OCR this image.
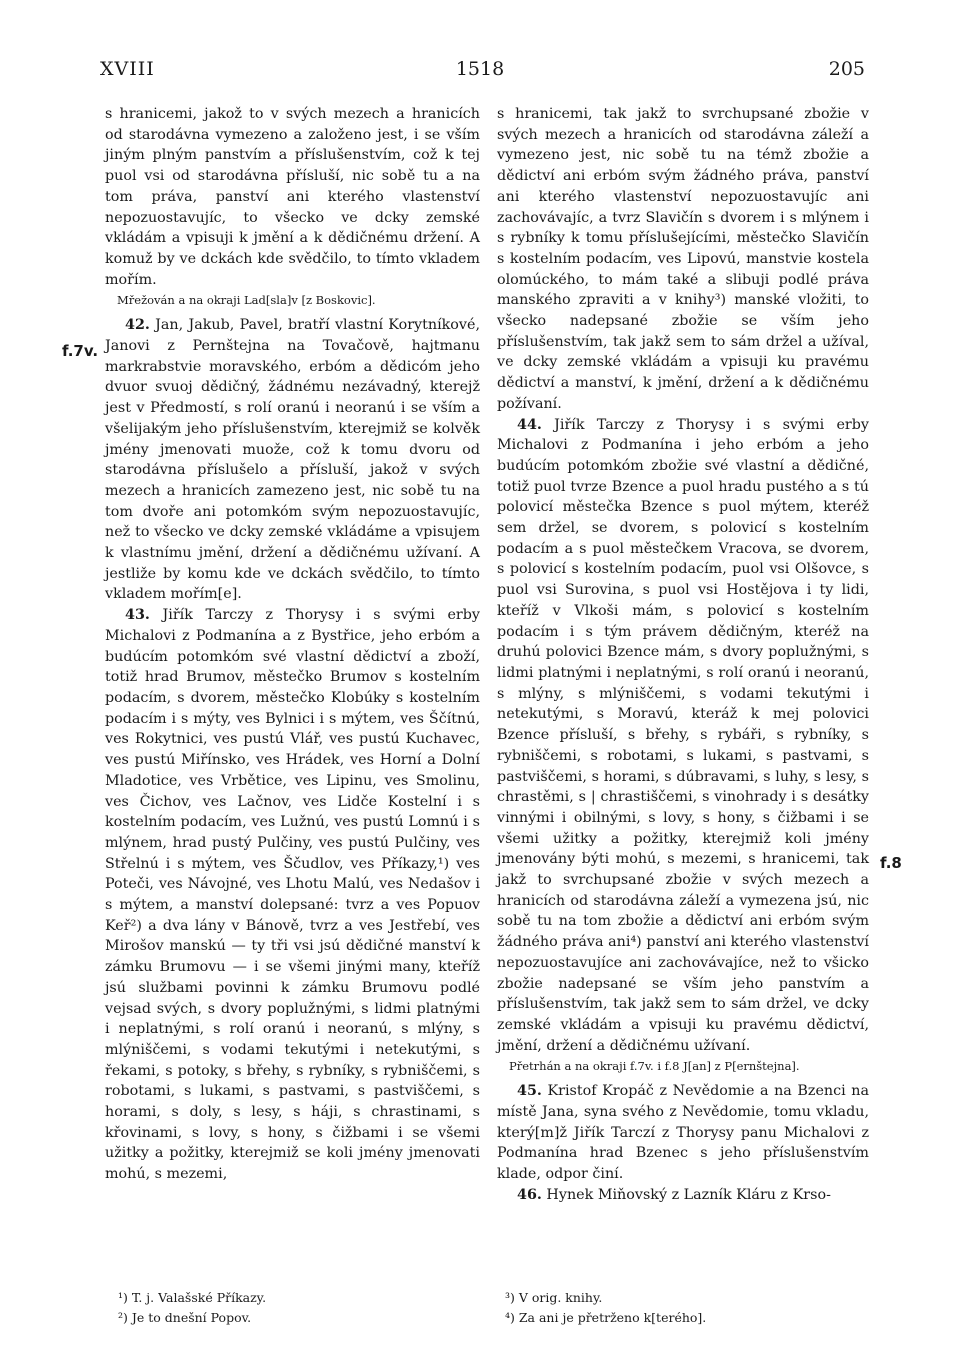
XVIII	1518	205
f.7v.
f.8

s hranicemi, jakož to v svých mezech a hranicích od starodávna vymezeno a založeno jest, i se vším jiným plným panstvím a příslušenstvím, což k tej puol vsi od starodávna přísluší, nic sobě tu a na tom práva, panství ani kterého vlastenství nepozuostavujíc, to všecko ve dcky zemské vkládám a vpisuji k jmění a k dědičnému držení. A komuž by ve dckách kde svědčilo, to tímto vkladem mořím.

Mřežován a na okraji Lad[sla]v [z Boskovic].

42. Jan, Jakub, Pavel, bratří vlastní Korytníkové, Janovi z Pernštejna na Tovačově, hajtmanu markrabstvie moravského, erbóm a dědicóm jeho dvuor svuoj dědičný, žádnému nezávadný, kterejž jest v Předmostí, s rolí oranú i neoranú i se vším a všelijakým jeho příslušenstvím, kterejmiž se kolvěk jmény jmenovati muože, což k tomu dvoru od starodávna příslušelo a přísluší, jakož v svých mezech a hranicích zamezeno jest, nic sobě tu na tom dvoře ani potomkóm svým nepozuostavujíc, než to všecko ve dcky zemské vkládáme a vpisujem k vlastnímu jmění, držení a dědičnému užívaní. A jestliže by komu kde ve dckách svědčilo, to tímto vkladem mořím[e].

43. Jiřík Tarczy z Thorysy i s svými erby Michalovi z Podmanína a z Bystřice, jeho erbóm a budúcím potomkóm své vlastní dědictví a zboží, totiž hrad Brumov, městečko Brumov s kostelním podacím, s dvorem, městečko Klobúky s kostelním podacím i s mýty, ves Bylnici i s mýtem, ves Ščítnú, ves Rokytnici, ves pustú Vlář, ves pustú Kuchavec, ves pustú Miřínsko, ves Hrádek, ves Horní a Dolní Mladotice, ves Vrbětice, ves Lipinu, ves Smolinu, ves Čichov, ves Lačnov, ves Lidče Kostelní i s kostelním podacím, ves Lužnú, ves pustú Lomnú i s mlýnem, hrad pustý Pulčiny, ves pustú Pulčiny, ves Střelnú i s mýtem, ves Ščudlov, ves Příkazy,¹) ves Poteči, ves Návojné, ves Lhotu Malú, ves Nedašov i s mýtem, a manství dolepsané: tvrz a ves Popuov Keř²) a dva lány v Bánově, tvrz a ves Jestřebí, ves Mirošov manskú — ty tři vsi jsú dědičné manství k zámku Brumovu — i se všemi jinými many, kteříž jsú službami povinni k zámku Brumovu podlé vejsad svých, s dvory poplužnými, s lidmi platnými i neplatnými, s rolí oranú i neoranú, s mlýny, s mlýniščemi, s vodami tekutými i netekutými, s řekami, s potoky, s břehy, s rybníky, s rybniščemi, s robotami, s lukami, s pastvami, s pastviščemi, s horami, s doly, s lesy, s háji, s chrastinami, s křovinami, s lovy, s hony, s čižbami i se všemi užitky a požitky, kterejmiž se koli jmény jmenovati mohú, s mezemi,

s hranicemi, tak jakž to svrchupsané zbožie v svých mezech a hranicích od starodávna záleží a vymezeno jest, nic sobě tu na témž zbožie a dědictví ani erbóm svým žádného práva, panství ani kterého vlastenství nepozuostavujíc ani zachovávajíc, a tvrz Slavičín s dvorem i s mlýnem i s rybníky k tomu příslušejícími, městečko Slavičín s kostelním podacím, ves Lipovú, manstvie kostela olomúckého, to mám také a slibuji podlé práva manského zpraviti a v knihy³) manské vložiti, to všecko nadepsané zbožie se vším jeho příslušenstvím, tak jakž sem to sám držel a užíval, ve dcky zemské vkládám a vpisuji ku pravému dědictví a manství, k jmění, držení a k dědičnému požívaní.

44. Jiřík Tarczy z Thorysy i s svými erby Michalovi z Podmanína i jeho erbóm a jeho budúcím potomkóm zbožie své vlastní a dědičné, totiž puol tvrze Bzence a puol hradu pustého a s tú polovicí městečka Bzence s puol mýtem, kteréž sem držel, se dvorem, s polovicí s kostelním podacím a s puol městečkem Vracova, se dvorem, s polovicí s kostelním podacím, puol vsi Olšovce, s puol vsi Surovina, s puol vsi Hostějova i ty lidi, kteříž v Vlkoši mám, s polovicí s kostelním podacím i s tým právem dědičným, kteréž na druhú polovici Bzence mám, s dvory poplužnými, s lidmi platnými i neplatnými, s rolí oranú i neoranú, s mlýny, s mlýniščemi, s vodami tekutými i netekutými, s Moravú, kteráž k mej polovici Bzence přísluší, s břehy, s rybáři, s rybníky, s rybniščemi, s robotami, s lukami, s pastvami, s pastviščemi, s horami, s dúbravami, s luhy, s lesy, s chrastěmi, s | chrastiščemi, s vinohrady i s desátky vinnými i obilnými, s lovy, s hony, s čižbami i se všemi užitky a požitky, kterejmiž koli jmény jmenovány býti mohú, s mezemi, s hranicemi, tak jakž to svrchupsané zbožie v svých mezech a hranicích od starodávna záleží a vymezena jsú, nic sobě tu na tom zbožie a dědictví ani erbóm svým žádného práva ani⁴) panství ani kterého vlastenství nepozuostavujíce ani zachovávajíce, než to všicko zbožie nadepsané se vším jeho panstvím a příslušenstvím, tak jakž sem to sám držel, ve dcky zemské vkládám a vpisuji ku pravému dědictví, jmění, držení a dědičnému užívaní.

Přetrhán a na okraji f.7v. i f.8 J[an] z P[ernštejna].

45. Kristof Kropáč z Nevědomie a na Bzenci na místě Jana, syna svého z Nevědomie, tomu vkladu, který[m]ž Jiřík Tarczí z Thorysy panu Michalovi z Podmanína hrad Bzenec s jeho příslušenstvím klade, odpor činí.

46. Hynek Miňovský z Lazník Kláru z Krso-

¹) T. j. Valašské Příkazy.
²) Je to dnešní Popov.
³) V orig. knihy.
⁴) Za ani je přetrženo k[terého].
